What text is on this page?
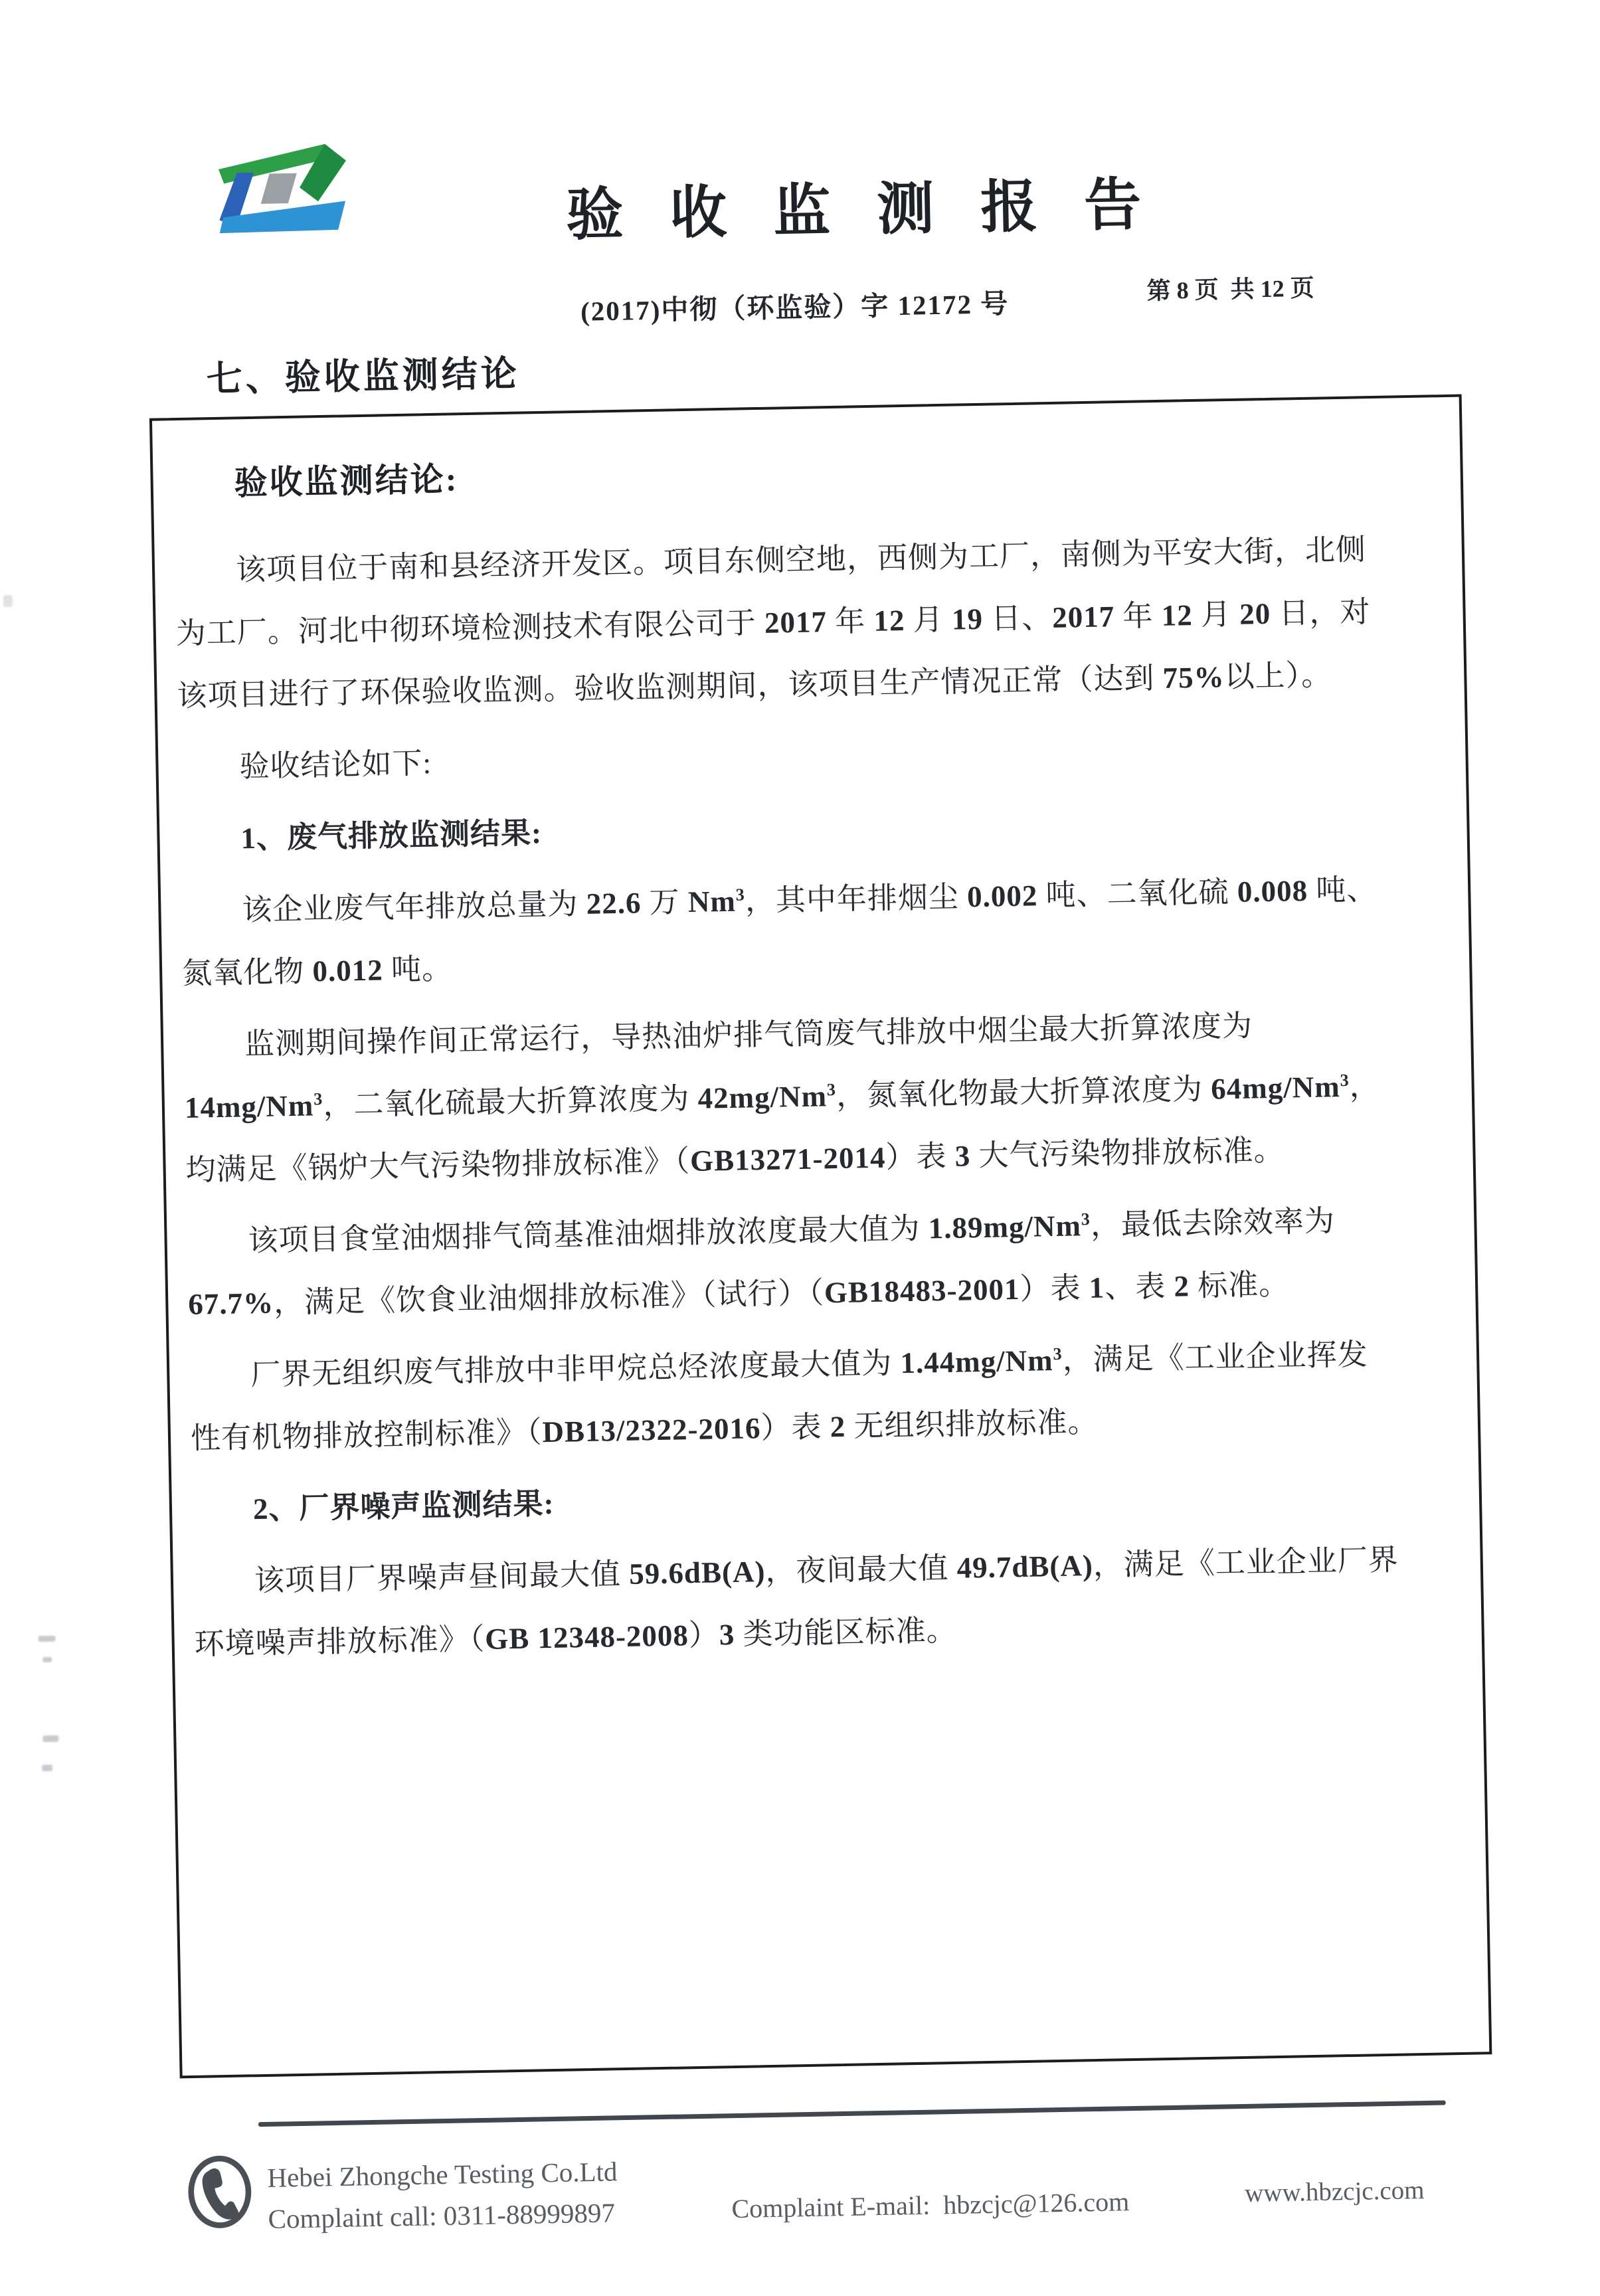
验收监测报告
(2017)中彻（环监验）字 12172 号	第 8 页  共 12 页
七、验收监测结论
验收监测结论:
该项目位于南和县经济开发区。项目东侧空地，西侧为工厂，南侧为平安大街，北侧
为工厂。河北中彻环境检测技术有限公司于 2017 年 12 月 19 日、2017 年 12 月 20 日，对
该项目进行了环保验收监测。验收监测期间，该项目生产情况正常（达到 75%以上）。
验收结论如下:
1、废气排放监测结果:
该企业废气年排放总量为 22.6 万 Nm$^3$，其中年排烟尘 0.002 吨、二氧化硫 0.008 吨、
氮氧化物 0.012 吨。
监测期间操作间正常运行，导热油炉排气筒废气排放中烟尘最大折算浓度为
14mg/Nm$^3$，二氧化硫最大折算浓度为 42mg/Nm$^3$，氮氧化物最大折算浓度为 64mg/Nm$^3$，
均满足《锅炉大气污染物排放标准》（GB13271-2014）表 3 大气污染物排放标准。
该项目食堂油烟排气筒基准油烟排放浓度最大值为 1.89mg/Nm$^3$，最低去除效率为
67.7%，满足《饮食业油烟排放标准》（试行）（GB18483-2001）表 1、表 2 标准。
厂界无组织废气排放中非甲烷总烃浓度最大值为 1.44mg/Nm$^3$，满足《工业企业挥发
性有机物排放控制标准》（DB13/2322-2016）表 2 无组织排放标准。
2、厂界噪声监测结果:
该项目厂界噪声昼间最大值 59.6dB(A)，夜间最大值 49.7dB(A)，满足《工业企业厂界
环境噪声排放标准》（GB 12348-2008）3 类功能区标准。
Hebei Zhongche Testing Co.Ltd
Complaint call: 0311-88999897	Complaint E-mail:  hbzcjc@126.com	www.hbzcjc.com
